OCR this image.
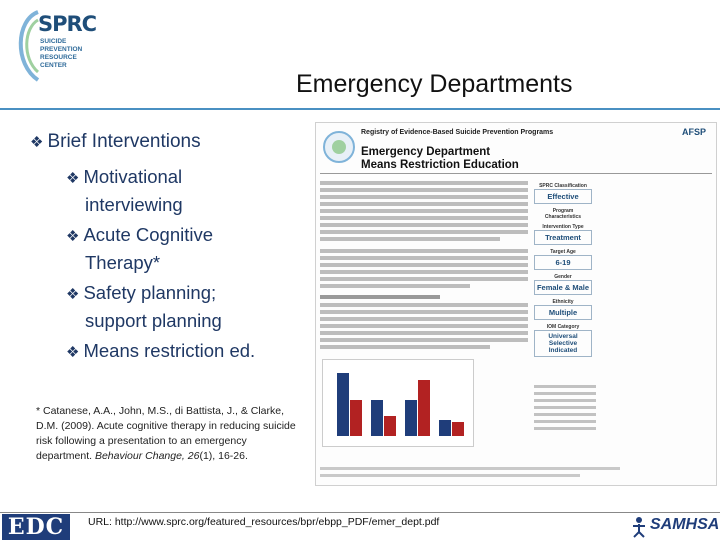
SPRC
SUICIDE
PREVENTION
RESOURCE
CENTER
Emergency Departments
❖ Brief Interventions
❖ Motivational
interviewing
❖ Acute Cognitive
Therapy*
❖ Safety planning;
support planning
❖ Means restriction ed.
* Catanese, A.A., John, M.S., di Battista, J., & Clarke, D.M. (2009). Acute cognitive therapy in reducing suicide risk following a presentation to an emergency department. Behaviour Change, 26(1), 16-26.
Registry of Evidence-Based Suicide Prevention Programs	AFSP
Emergency Department
Means Restriction Education
SPRC Classification
Effective
Program Characteristics
Intervention Type
Treatment
Target Age
6-19
Gender
Female & Male
Ethnicity
Multiple
IOM Category
Universal Selective Indicated
EDC	URL: http://www.sprc.org/featured_resources/bpr/ebpp_PDF/emer_dept.pdf	SAMHSA
